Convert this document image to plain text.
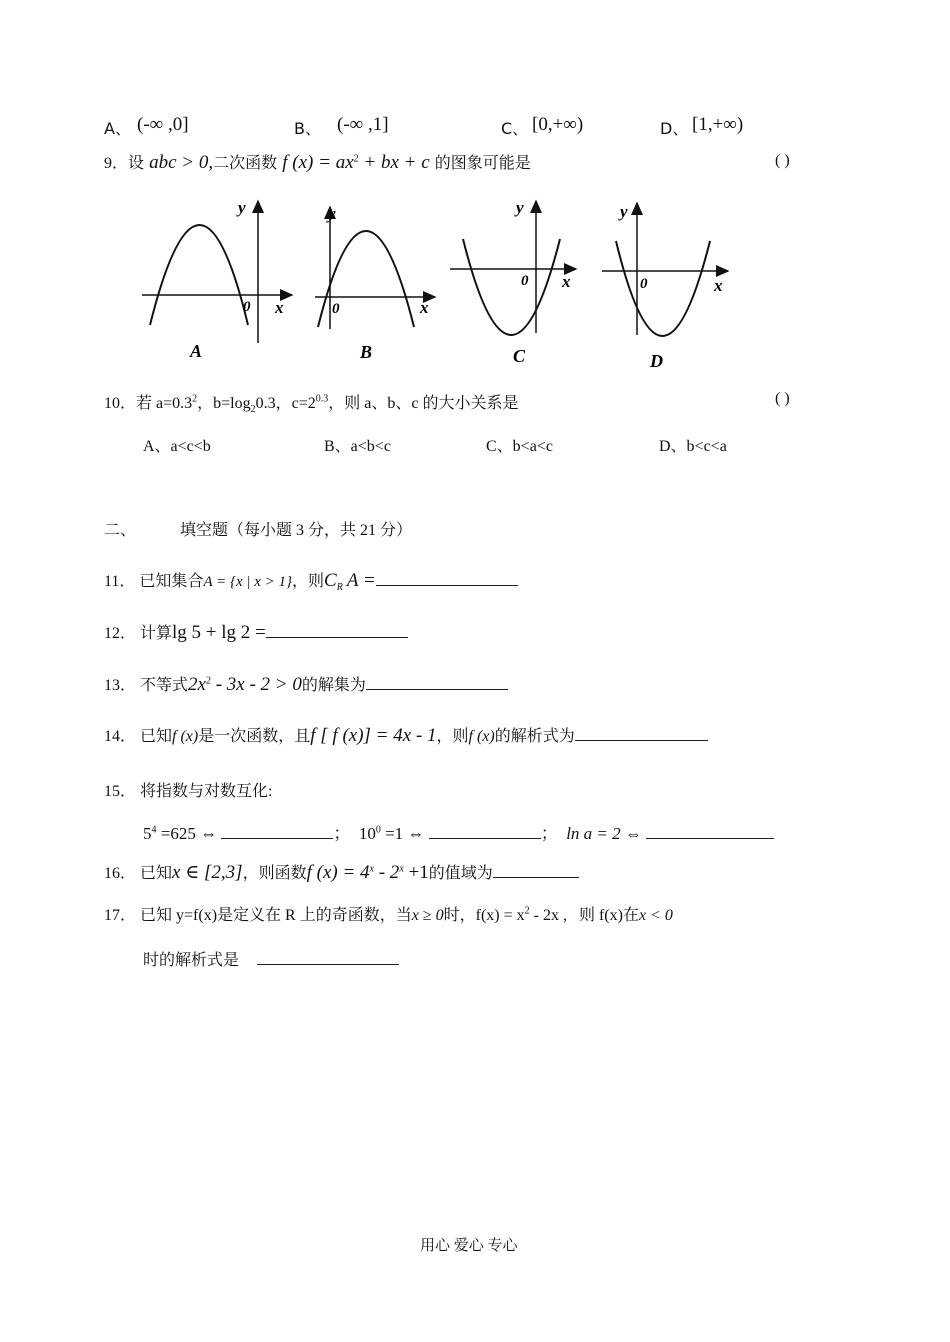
A、 (-∞ ,0]	B、 (-∞ ,1]	C、 [0,+∞)	D、 [1,+∞)
9．设 abc > 0,二次函数 f $(x) = ax^2$ + bx + c 的图象可能是	( )
y
x
0
A
y
x
0
B
y
x
0
C
y
x
0
D
10．若 $a=0.3^2$，$b=\log_20.3$，$c=2^{0.3}$，则 a、b、c 的大小关系是	( )
A、a<c<b	B、a<b<c	C、b<a<c	D、b<c<a
二、	填空题（每小题 3 分，共 21 分）
11． 已知集合A = {x | x > 1}，则$C_R$ A =
12． 计算lg 5 + lg 2 =
13． 不等式$2x^2 - 3x - 2 > 0$的解集为
14． 已知f (x)是一次函数，且f [ f (x)] = 4x - 1，则f (x)的解析式为
15． 将指数与对数互化:
$5^4 =625$ ⇔	； $10^0 =1$ ⇔	； ln a = 2 ⇔
16． 已知x ∈ [2,3]，则函数f $(x) = 4^x - 2^x +1$的值域为
17． 已知 y=f(x)是定义在 R 上的奇函数，当x ≥ 0时，$f(x) = x^2 - 2x$ , 则 f(x)在x < 0
时的解析式是
用心 爱心 专心
